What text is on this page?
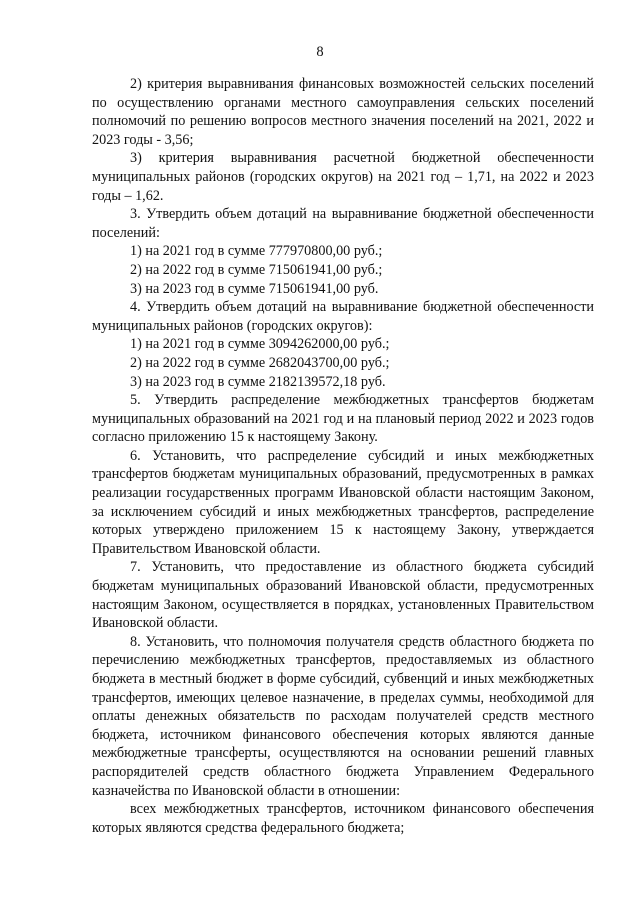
8

2) критерия выравнивания финансовых возможностей сельских поселений по осуществлению органами местного самоуправления сельских поселений полномочий по решению вопросов местного значения поселений на 2021, 2022 и 2023 годы - 3,56;

3) критерия выравнивания расчетной бюджетной обеспеченности муниципальных районов (городских округов) на 2021 год – 1,71, на 2022 и 2023 годы – 1,62.

3. Утвердить объем дотаций на выравнивание бюджетной обеспеченности поселений:

1) на 2021 год в сумме 777970800,00 руб.;

2) на 2022 год в сумме 715061941,00 руб.;

3) на 2023 год в сумме 715061941,00 руб.

4. Утвердить объем дотаций на выравнивание бюджетной обеспеченности муниципальных районов (городских округов):

1) на 2021 год в сумме 3094262000,00 руб.;

2) на 2022 год в сумме 2682043700,00 руб.;

3) на 2023 год в сумме 2182139572,18 руб.

5. Утвердить распределение межбюджетных трансфертов бюджетам муниципальных образований на 2021 год и на плановый период 2022 и 2023 годов согласно приложению 15 к настоящему Закону.

6. Установить, что распределение субсидий и иных межбюджетных трансфертов бюджетам муниципальных образований, предусмотренных в рамках реализации государственных программ Ивановской области настоящим Законом, за исключением субсидий и иных межбюджетных трансфертов, распределение которых утверждено приложением 15 к настоящему Закону, утверждается Правительством Ивановской области.

7. Установить, что предоставление из областного бюджета субсидий бюджетам муниципальных образований Ивановской области, предусмотренных настоящим Законом, осуществляется в порядках, установленных Правительством Ивановской области.

8. Установить, что полномочия получателя средств областного бюджета по перечислению межбюджетных трансфертов, предоставляемых из областного бюджета в местный бюджет в форме субсидий, субвенций и иных межбюджетных трансфертов, имеющих целевое назначение, в пределах суммы, необходимой для оплаты денежных обязательств по расходам получателей средств местного бюджета, источником финансового обеспечения которых являются данные межбюджетные трансферты, осуществляются на основании решений главных распорядителей средств областного бюджета Управлением Федерального казначейства по Ивановской области в отношении:

всех межбюджетных трансфертов, источником финансового обеспечения которых являются средства федерального бюджета;
